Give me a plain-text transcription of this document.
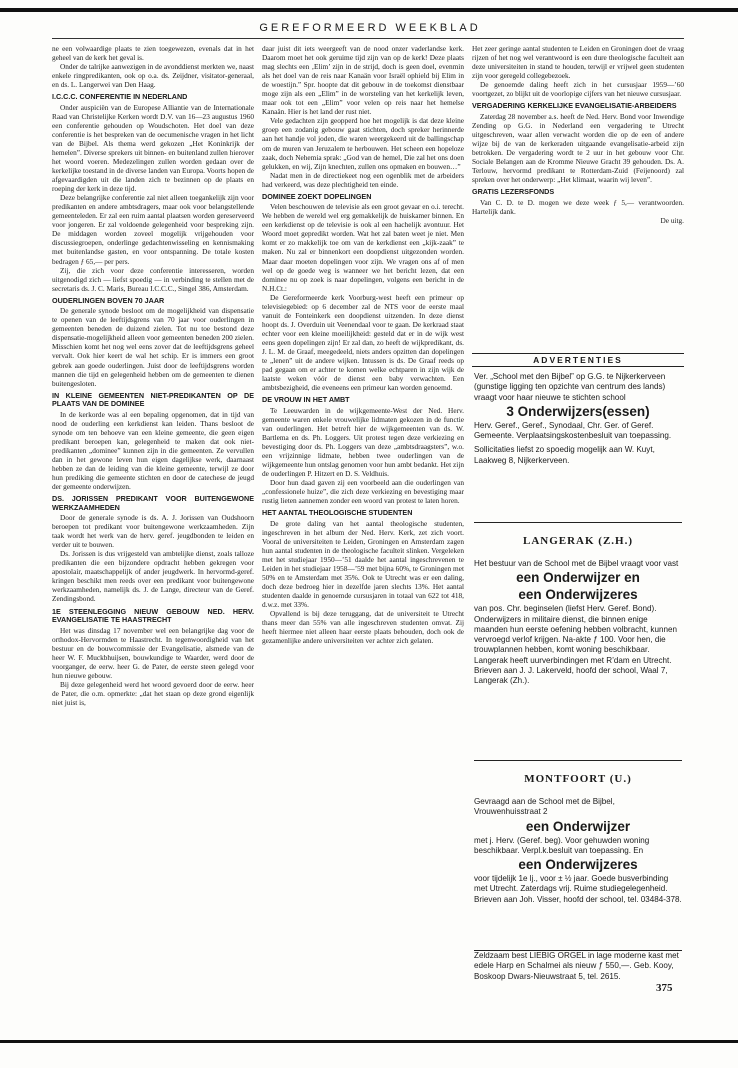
GEREFORMEERD WEEKBLAD

ne een volwaardige plaats te zien toegewezen, evenals dat in het geheel van de kerk het geval is.

Onder de talrijke aanwezigen in de avonddienst merkten we, naast enkele ringpredikanten, ook op o.a. ds. Zeijdner, visitator-generaal, en ds. L. Langerwei van Den Haag.

I.C.C.C. CONFERENTIE IN NEDERLAND

Onder auspiciën van de Europese Alliantie van de Internationale Raad van Christelijke Kerken wordt D.V. van 16—23 augustus 1960 een conferentie gehouden op Woudschoten. Het doel van deze conferentie is het bespreken van de oecumenische vragen in het licht van de Bijbel. Als thema werd gekozen „Het Koninkrijk der hemelen”. Diverse sprekers uit binnen- en buitenland zullen hierover het woord voeren. Medezelingen zullen worden gedaan over de kerkelijke toestand in de diverse landen van Europa. Voorts hopen de afgevaardigden uit die landen zich te bezinnen op de plaats en roeping der kerk in deze tijd.

Deze belangrijke conferentie zal niet alleen toegankelijk zijn voor predikanten en andere ambtsdragers, maar ook voor belangstellende gemeenteleden. Er zal een ruim aantal plaatsen worden gereserveerd voor jongeren. Er zal voldoende gelegenheid voor bespreking zijn. De middagen worden zoveel mogelijk vrijgehouden voor discussiegroepen, onderlinge gedachtenwisseling en kennismaking met buitenlandse gasten, en voor ontspanning. De totale kosten bedragen ƒ 65,— per pers.

Zij, die zich voor deze conferentie interesseren, worden uitgenodigd zich — liefst spoedig — in verbinding te stellen met de secretaris ds. J. C. Maris, Bureau I.C.C.C., Singel 386, Amsterdam.

OUDERLINGEN BOVEN 70 JAAR

De generale synode besloot om de mogelijkheid van dispensatie te openen van de leeftijdsgrens van 70 jaar voor ouderlingen in gemeenten beneden de duizend zielen. Tot nu toe bestond deze dispensatie-mogelijkheid alleen voor gemeenten beneden 200 zielen. Misschien komt het nog wel eens zover dat de leeftijdsgrens geheel vervalt. Ook hier keert de wal het schip. Er is immers een groot gebrek aan goede ouderlingen. Juist door de leeftijdsgrens worden mannen die tijd en gelegenheid hebben om de gemeenten te dienen buitengesloten.

IN KLEINE GEMEENTEN NIET-PREDIKANTEN OP DE PLAATS VAN DE DOMINEE

In de kerkorde was al een bepaling opgenomen, dat in tijd van nood de ouderling een kerkdienst kan leiden. Thans besloot de synode om ten behoeve van een kleine gemeente, die geen eigen predikant beroepen kan, gelegenheid te maken dat ook niet-predikanten „dominee” kunnen zijn in die gemeenten. Ze vervullen dan in het gewone leven hun eigen dagelijkse werk, daarnaast hebben ze dan de leiding van die kleine gemeente, terwijl ze door hun prediking die gemeente stichten en door de catechese de jeugd der gemeente onderwijzen.

DS. JORISSEN PREDIKANT VOOR BUITENGEWONE WERKZAAMHEDEN

Door de generale synode is ds. A. J. Jorissen van Oudshoorn beroepen tot predikant voor buitengewone werkzaamheden. Zijn taak wordt het werk van de herv. geref. jeugdbonden te leiden en verder uit te bouwen.

Ds. Jorissen is dus vrijgesteld van ambtelijke dienst, zoals talloze predikanten die een bijzondere opdracht hebben gekregen voor apostolair, maatschappelijk of ander jeugdwerk. In hervormd-geref. kringen beschikt men reeds over een predikant voor buitengewone werkzaamheden, namelijk ds. J. de Lange, directeur van de Geref. Zendingsbond.

1E STEENLEGGING NIEUW GEBOUW NED. HERV. EVANGELISATIE TE HAASTRECHT

Het was dinsdag 17 november wel een belangrijke dag voor de orthodox-Hervormden te Haastrecht. In tegenwoordigheid van het bestuur en de bouwcommissie der Evangelisatie, alsmede van de heer W. F. Muckbhuijsen, bouwkundige te Waarder, werd door de voorganger, de eerw. heer G. de Pater, de eerste steen gelegd voor hun nieuwe gebouw.

Bij deze gelegenheid werd het woord gevoerd door de eerw. heer de Pater, die o.m. opmerkte: „dat het staan op deze grond eigenlijk niet juist is,

daar juist dit iets weergeeft van de nood onzer vaderlandse kerk. Daarom moet het ook geruime tijd zijn van op de kerk! Deze plaats mag slechts een ‚Elim’ zijn in de strijd, doch is geen doel, evenmin als het doel van de reis naar Kanaän voor Israël ophield bij Elim in de woestijn.” Spr. hoopte dat dit gebouw in de toekomst dienstbaar moge zijn als een „Elim” in de worsteling van het kerkelijk leven, maar ook tot een „Elim” voor velen op reis naar het hemelse Kanaän. Hier is het land der rust niet.

Vele gedachten zijn geopperd hoe het mogelijk is dat deze kleine groep een zodanig gebouw gaat stichten, doch spreker herinnerde aan het handje vol joden, die waren weergekeerd uit de ballingschap om de muren van Jeruzalem te herbouwen. Het scheen een hopeloze zaak, doch Nehemia sprak: „God van de hemel, Die zal het ons doen gelukken, en wij, Zijn knechten, zullen ons opmaken en bouwen…”

Nadat men in de directiekeet nog een ogenblik met de arbeiders had verkeerd, was deze plechtigheid ten einde.

DOMINEE ZOEKT DOPELINGEN

Velen beschouwen de televisie als een groot gevaar en o.i. terecht. We hebben de wereld wel erg gemakkelijk de huiskamer binnen. En een kerkdienst op de televisie is ook al een hachelijk avontuur. Het Woord moet gepredikt worden. Wat het zal baten weet je niet. Men komt er zo makkelijk toe om van de kerkdienst een „kijk-zaak” te maken. Nu zal er binnenkort een doopdienst uitgezonden worden. Maar daar moeten dopelingen voor zijn. We vragen ons af of men wel op de goede weg is wanneer we het bericht lezen, dat een dominee nu op zoek is naar dopelingen, volgens een bericht in de N.H.Ct.:

De Gereformeerde kerk Voorburg-west heeft een primeur op televisiegebied: op 6 december zal de NTS voor de eerste maal vanuit de Fonteinkerk een doopdienst uitzenden. In deze dienst hoopt ds. J. Overduin uit Veenendaal voor te gaan. De kerkraad staat echter voor een kleine moeilijkheid: gesteld dat er in de wijk west eens geen dopelingen zijn! Er zal dan, zo heeft de wijkpredikant, ds. J. L. M. de Graaf, meegedeeld, niets anders opzitten dan dopelingen te „lenen” uit de andere wijken. Intussen is ds. De Graaf reeds op pad gegaan om er achter te komen welke echtparen in zijn wijk de laatste weken vóór de dienst een baby verwachten. Een ambtsbezigheid, die eveneens een primeur kan worden genoemd.

DE VROUW IN HET AMBT

Te Leeuwarden in de wijkgemeente-West der Ned. Herv. gemeente waren enkele vrouwelijke lidmaten gekozen in de functie van ouderlingen. Het betreft hier de wijkgemeenten van ds. W. Bartlema en ds. Ph. Loggers. Uit protest tegen deze verkiezing en bevestiging door ds. Ph. Loggers van deze „ambtsdraagsters”, w.o. een vrijzinnige lidmate, hebben twee ouderlingen van de wijkgemeente hun ontslag genomen voor hun ambt bedankt. Het zijn de ouderlingen P. Hitzert en D. S. Veldhuis.

Door hun daad gaven zij een voorbeeld aan die ouderlingen van „confessionele huize”, die zich deze verkiezing en bevestiging maar rustig lieten aannemen zonder een woord van protest te laten horen.

HET AANTAL THEOLOGISCHE STUDENTEN

De grote daling van het aantal theologische studenten, ingeschreven in het album der Ned. Herv. Kerk, zet zich voort. Vooral de universiteiten te Leiden, Groningen en Amsterdam zagen hun aantal studenten in de theologische faculteit slinken. Vergeleken met het studiejaar 1950—’51 daalde het aantal ingeschrevenen te Leiden in het studiejaar 1958—’59 met bijna 60%, te Groningen met 50% en te Amsterdam met 35%. Ook te Utrecht was er een daling, doch deze bedroeg hier in dezelfde jaren slechts 13%. Het aantal studenten daalde in genoemde cursusjaren in totaal van 622 tot 418, d.w.z. met 33%.

Opvallend is bij deze teruggang, dat de universiteit te Utrecht thans meer dan 55% van alle ingeschreven studenten omvat. Zij heeft hiermee niet alleen haar eerste plaats behouden, doch ook de gezamenlijke andere universiteiten ver achter zich gelaten.

Het zeer geringe aantal studenten te Leiden en Groningen doet de vraag rijzen of het nog wel verantwoord is een dure theologische faculteit aan deze universiteiten in stand te houden, terwijl er vrijwel geen studenten zijn voor geregeld collegebezoek.

De genoemde daling heeft zich in het cursusjaar 1959—’60 voortgezet, zo blijkt uit de voorlopige cijfers van het nieuwe cursusjaar.

VERGADERING KERKELIJKE EVANGELISATIE-ARBEIDERS

Zaterdag 28 november a.s. heeft de Ned. Herv. Bond voor Inwendige Zending op G.G. in Nederland een vergadering te Utrecht uitgeschreven, waar allen verwacht worden die op de een of andere wijze bij de van de kerkeraden uitgaande evangelisatie-arbeid zijn betrokken. De vergadering wordt te 2 uur in het gebouw voor Chr. Sociale Belangen aan de Kromme Nieuwe Gracht 39 gehouden. Ds. A. Terlouw, hervormd predikant te Rotterdam-Zuid (Feijenoord) zal spreken over het onderwerp: „Het klimaat, waarin wij leven”.

GRATIS LEZERSFONDS

Van C. D. te D. mogen we deze week ƒ 5,— verantwoorden. Hartelijk dank.

De uitg.

ADVERTENTIES

Ver. „School met den Bijbel” op G.G. te Nijkerkerveen (gunstige ligging ten opzichte van centrum des lands) vraagt voor haar nieuwe te stichten school

3 Onderwijzers(essen)

Herv. Geref., Geref., Synodaal, Chr. Ger. of Geref. Gemeente. Verplaatsingskostenbesluit van toepassing.

Sollicitaties liefst zo spoedig mogelijk aan W. Kuyt, Laakweg 8, Nijkerkerveen.

LANGERAK (Z.H.)

Het bestuur van de School met de Bijbel vraagt voor vast

een Onderwijzer en

een Onderwijzeres

van pos. Chr. beginselen (liefst Herv. Geref. Bond). Onderwijzers in militaire dienst, die binnen enige maanden hun eerste oefening hebben volbracht, kunnen vervroegd verlof krijgen. Na-akte ƒ 100. Voor hen, die trouwplannen hebben, komt woning beschikbaar. Langerak heeft uurverbindingen met R’dam en Utrecht. Brieven aan J. J. Lakerveld, hoofd der school, Waal 7, Langerak (Zh.).

MONTFOORT (U.)

Gevraagd aan de School met de Bijbel, Vrouwenhuisstraat 2

een Onderwijzer

met j. Herv. (Geref. beg). Voor gehuwden woning beschikbaar. Verpl.k.besluit van toepassing. En

een Onderwijzeres

voor tijdelijk 1e lj., voor ± ½ jaar. Goede busverbinding met Utrecht. Zaterdags vrij. Ruime studiegelegenheid. Brieven aan Joh. Visser, hoofd der school, tel. 03484-378.

Zeldzaam best LIEBIG ORGEL in lage moderne kast met edele Harp en Schalmei als nieuw ƒ 550,—. Geb. Kooy, Boskoop Dwars-Nieuwstraat 5, tel. 2615.

375
